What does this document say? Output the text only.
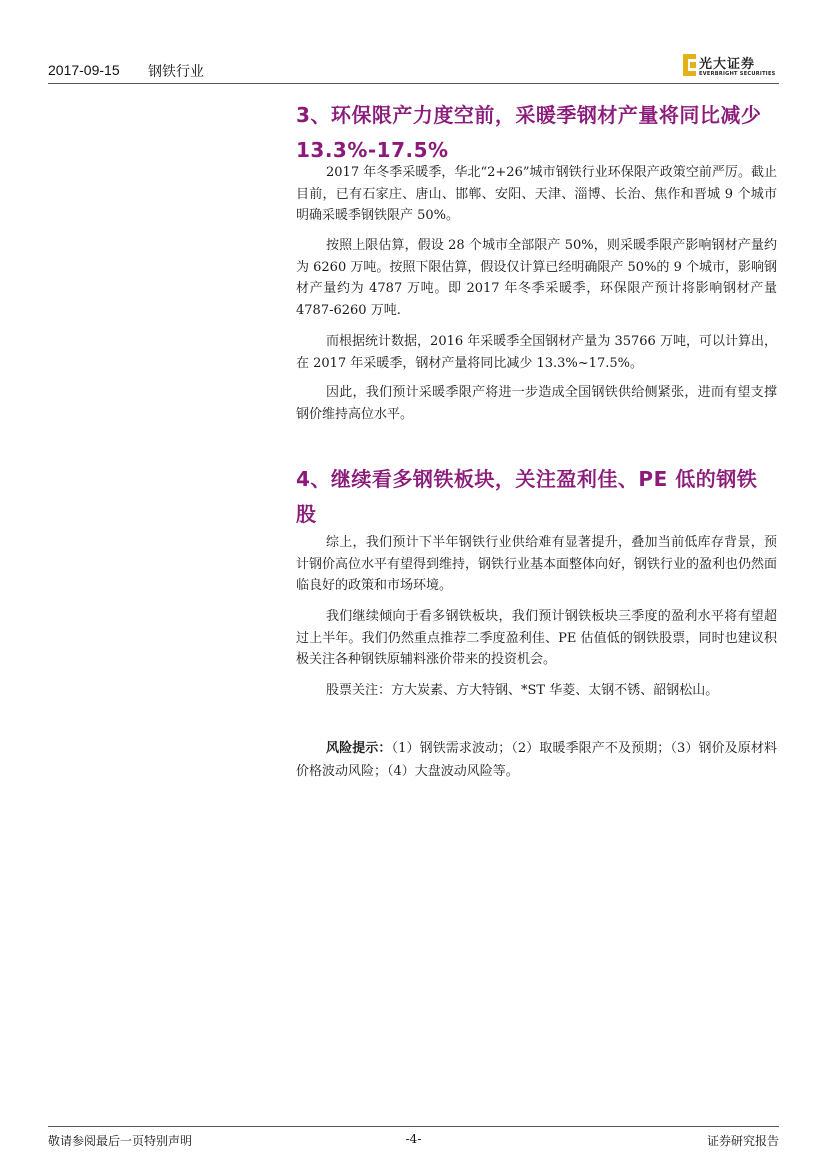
2017-09-15 钢铁行业	光大证券
EVERBRIGHT SECURITIES
3、环保限产力度空前，采暖季钢材产量将同比减少 13.3%-17.5%

2017 年冬季采暖季，华北“2+26”城市钢铁行业环保限产政策空前严厉。截止目前，已有石家庄、唐山、邯郸、安阳、天津、淄博、长治、焦作和晋城 9 个城市明确采暖季钢铁限产 50%。

按照上限估算，假设 28 个城市全部限产 50%，则采暖季限产影响钢材产量约为 6260 万吨。按照下限估算，假设仅计算已经明确限产 50%的 9 个城市，影响钢材产量约为 4787 万吨。即 2017 年冬季采暖季，环保限产预计将影响钢材产量 4787-6260 万吨.

而根据统计数据，2016 年采暖季全国钢材产量为 35766 万吨，可以计算出，在 2017 年采暖季，钢材产量将同比减少 13.3%~17.5%。

因此，我们预计采暖季限产将进一步造成全国钢铁供给侧紧张，进而有望支撑钢价维持高位水平。

4、继续看多钢铁板块，关注盈利佳、PE 低的钢铁股

综上，我们预计下半年钢铁行业供给难有显著提升，叠加当前低库存背景，预计钢价高位水平有望得到维持，钢铁行业基本面整体向好，钢铁行业的盈利也仍然面临良好的政策和市场环境。

我们继续倾向于看多钢铁板块，我们预计钢铁板块三季度的盈利水平将有望超过上半年。我们仍然重点推荐二季度盈利佳、PE 估值低的钢铁股票，同时也建议积极关注各种钢铁原辅料涨价带来的投资机会。

股票关注：方大炭素、方大特钢、*ST 华菱、太钢不锈、韶钢松山。

风险提示：（1）钢铁需求波动；（2）取暖季限产不及预期；（3）钢价及原材料价格波动风险；（4）大盘波动风险等。

敬请参阅最后一页特别声明	-4-	证券研究报告
